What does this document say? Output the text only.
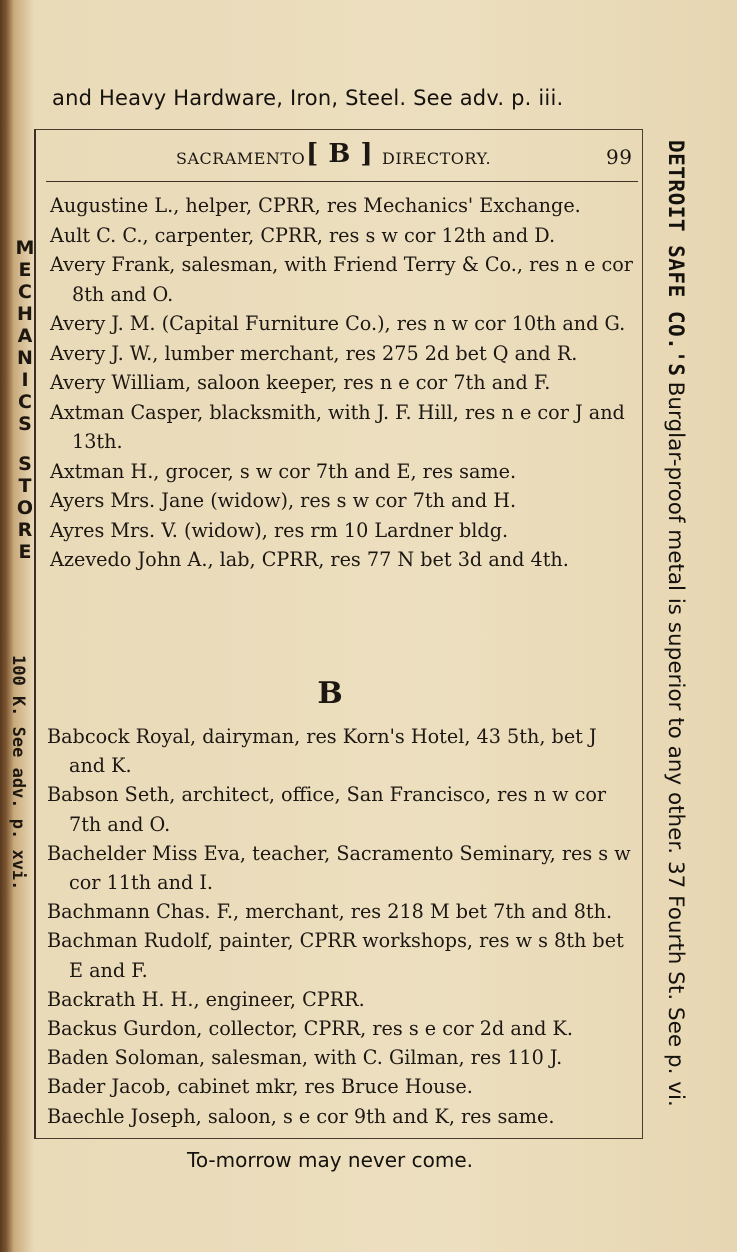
and Heavy Hardware, Iron, Steel. See adv. p. iii.
SACRAMENTO [ B ] DIRECTORY.	99

Augustine L., helper, CPRR, res Mechanics' Exchange.

Ault C. C., carpenter, CPRR, res s w cor 12th and D.

Avery Frank, salesman, with Friend Terry & Co., res n e cor 8th and O.

Avery J. M. (Capital Furniture Co.), res n w cor 10th and G.

Avery J. W., lumber merchant, res 275 2d bet Q and R.

Avery William, saloon keeper, res n e cor 7th and F.

Axtman Casper, blacksmith, with J. F. Hill, res n e cor J and 13th.

Axtman H., grocer, s w cor 7th and E, res same.

Ayers Mrs. Jane (widow), res s w cor 7th and H.

Ayres Mrs. V. (widow), res rm 10 Lardner bldg.

Azevedo John A., lab, CPRR, res 77 N bet 3d and 4th.

B

Babcock Royal, dairyman, res Korn's Hotel, 43 5th, bet J and K.

Babson Seth, architect, office, San Francisco, res n w cor 7th and O.

Bachelder Miss Eva, teacher, Sacramento Seminary, res s w cor 11th and I.

Bachmann Chas. F., merchant, res 218 M bet 7th and 8th.

Bachman Rudolf, painter, CPRR workshops, res w s 8th bet E and F.

Backrath H. H., engineer, CPRR.

Backus Gurdon, collector, CPRR, res s e cor 2d and K.

Baden Soloman, salesman, with C. Gilman, res 110 J.

Bader Jacob, cabinet mkr, res Bruce House.

Baechle Joseph, saloon, s e cor 9th and K, res same.

To-morrow may never come.
M
E
C
H
A
N
I
C
S
S
T
O
R
E
100 K. See adv. p. xvi.
DETROIT SAFE CO.'S Burglar-proof metal is superior to any other. 37 Fourth St. See p. vi.
